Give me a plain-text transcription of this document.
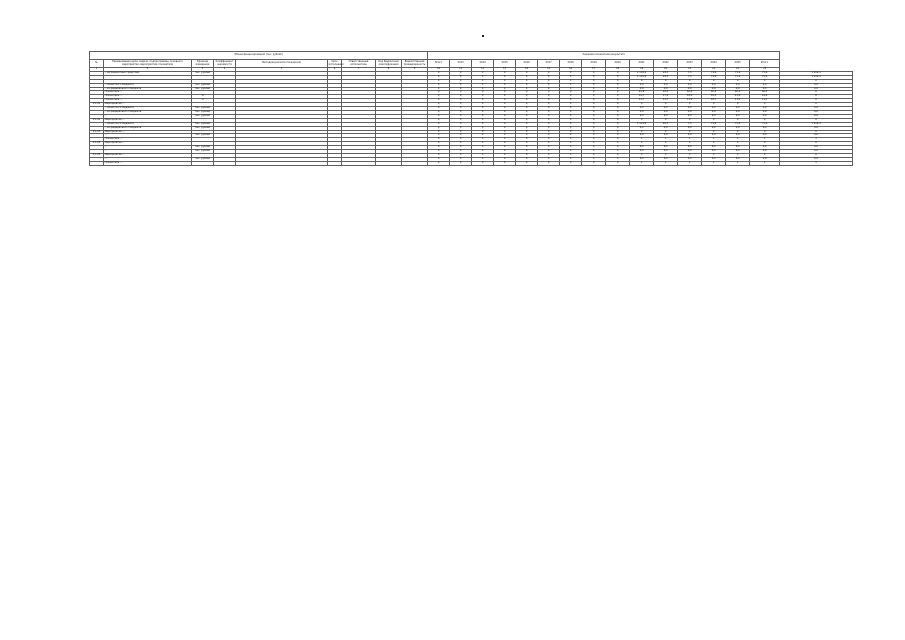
Объем финансирования (тыс. рублей)									Значения показателя результата															
№	Наименование цели, задачи, подпрограммы, основного мероприятия, мероприятия, показателя	Единица измерения	Коэффициент значимости	Методика расчета показателя	Срок исполнения	Ответственный исполнитель	Код бюджетной классификации	Ведомственная принадлежность	Всего	2013	2014	2015	2016	2017	2018	2019	2020	2021	2022	2023	2024	2025	Итого	
1	2	3	4	5	6	7	8	9	10	11	12	13	14	15	16	17	18	19	20	21	22	23	24	
	…на бюджетных средствах	тыс. рублей							0	0	0	0	0	0	0	0	0	1 119,9	28,5	7,5	79,6	75,6	75,6	1 619,4
									0	0	0	0	0	0	0	0	0	1 119,9	28,5	7,5	79,6	75,6	75,6	1 619,4
									0	0	0	0	0	0	0	0	0	0	0	0	0	0	0	0
	…областного бюджета	тыс. рублей							0	0	0	0	0	0	0	0	0	0,0	0,0	0,0	0,0	0,0	0,0	0,0
	…из федерального бюджета	тыс. рублей							0	0	0	0	0	0	0	0	0	0,0	0,0	0,0	0,0	0,0	0,0	0,0
	Показатель …								0	0	0	0	0	0	0	0	0	22,9	46,4	60,4	60,4	60,4	60,4	0
	Показатель …	%							0	0	0	0	0	0	0	0	0	14,7	17,2	18,2	18,3	23,6	24,8	0
	Показатель …	%							0	0	0	0	0	0	0	0	0	11,7	11,7	11,9	10,7	11,1	11,5	0
2.1.01	Мероприятие …								0	0	0	0	0	0	0	0	0	0	0	0	0	0	0	0
	…областного бюджета	тыс. рублей							0	0	0	0	0	0	0	0	0	0,0	0,0	0,0	0,0	0,0	0,0	0,0
	…из федерального бюджета	тыс. рублей							0	0	0	0	0	0	0	0	0	0,0	0,0	0,0	0,0	0,0	0,0	0,0
	…	тыс. рублей							0	0	0	0	0	0	0	0	0	0,0	0,0	0,0	0,0	0,0	0,0	0,0
2.1.02	Мероприятие …								0	0	0	0	0	0	0	0	0	0	0	0	0	0	0	0
	…областного бюджета	тыс. рублей							0	0	0	0	0	0	0	0	0	1 119,9	28,5	7,5	79,6	75,6	75,6	1 619,4
	…из федерального бюджета	тыс. рублей							0	0	0	0	0	0	0	0	0	0,0	0,0	0,0	0,0	0,0	0,0	0,0
2.1.03	Мероприятие …								0	0	0	0	0	0	0	0	0	0	0	0	0	0	0	0
	…	тыс. рублей							0	0	0	0	0	0	0	0	0	0,0	0,0	0,0	0,0	0,0	0,0	0,0
	Показатель …								0	0	0	0	0	0	0	0	0	1	1	1	1	1	1	1
2.1.04	Мероприятие …								0	0	0	0	0	0	0	0	0	0	0	0	0	0	0	0
	…	тыс. рублей							0	0	0	0	0	0	0	0	0	0,0	0,0	0,0	0,0	0,0	0,0	0,0
	…	тыс. рублей							0	0	0	0	0	0	0	0	0	0,0	0,0	0,0	0,0	0,0	0,0	0,0
2.1.05	Мероприятие …								0	0	0	0	0	0	0	0	0	0	0	0	0	0	0	0
	…	тыс. рублей							0	0	0	0	0	0	0	0	0	0,0	0,0	0,0	0,0	0,0	0,0	0,0
	Показатель …								0	0	0	0	0	0	0	0	0	1	1	1	1	1	1	1
